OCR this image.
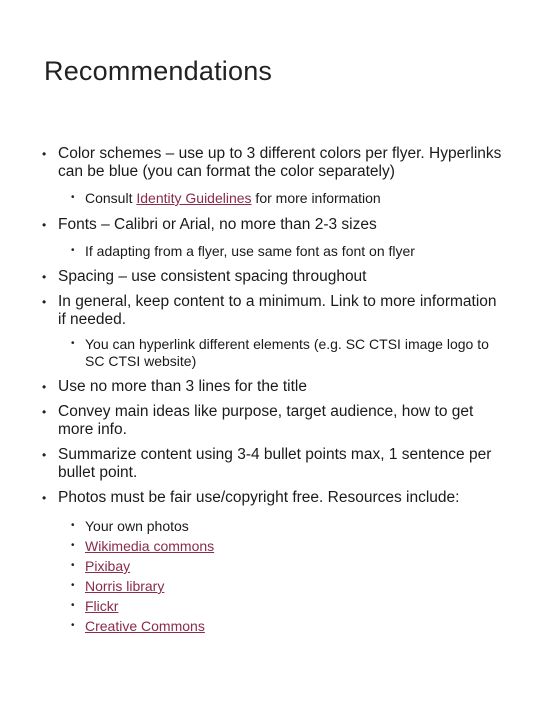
Recommendations

• Color schemes – use up to 3 different colors per flyer. Hyperlinks can be blue (you can format the color separately)

• Consult Identity Guidelines for more information

• Fonts – Calibri or Arial, no more than 2-3 sizes

• If adapting from a flyer, use same font as font on flyer

• Spacing – use consistent spacing throughout

• In general, keep content to a minimum. Link to more information if needed.

• You can hyperlink different elements (e.g. SC CTSI image logo to SC CTSI website)

• Use no more than 3 lines for the title

• Convey main ideas like purpose, target audience, how to get more info.

• Summarize content using 3-4 bullet points max, 1 sentence per bullet point.

• Photos must be fair use/copyright free. Resources include:

• Your own photos

• Wikimedia commons

• Pixibay

• Norris library

• Flickr

• Creative Commons
